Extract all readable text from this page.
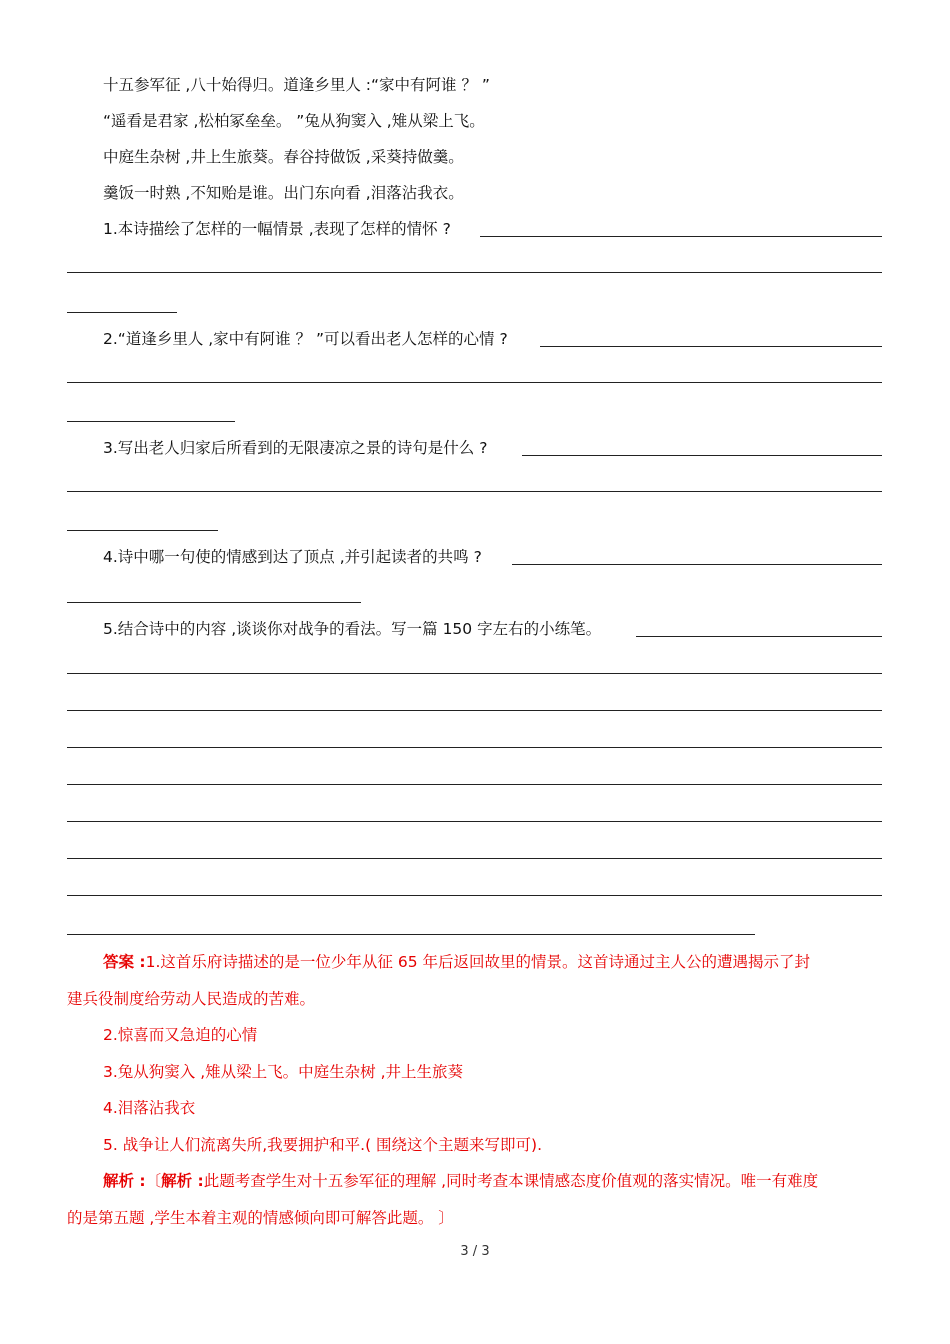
十五参军征 ,八十始得归。道逢乡里人 :“家中有阿谁 ？ ”
“遥看是君家 ,松柏冢垒垒。 ”兔从狗窦入 ,雉从梁上飞。
中庭生杂树 ,井上生旅葵。春谷持做饭 ,采葵持做羹。
羹饭一时熟 ,不知贻是谁。出门东向看 ,泪落沾我衣。
1.本诗描绘了怎样的一幅情景 ,表现了怎样的情怀 ?
2.“道逢乡里人 ,家中有阿谁 ？ ”可以看出老人怎样的心情 ?
3.写出老人归家后所看到的无限凄凉之景的诗句是什么 ?
4.诗中哪一句使的情感到达了顶点 ,并引起读者的共鸣 ?
5.结合诗中的内容 ,谈谈你对战争的看法。写一篇 150 字左右的小练笔。
答案 :1.这首乐府诗描述的是一位少年从征 65 年后返回故里的情景。这首诗通过主人公的遭遇揭示了封
建兵役制度给劳动人民造成的苦难。
2.惊喜而又急迫的心情
3.兔从狗窦入 ,雉从梁上飞。中庭生杂树 ,井上生旅葵
4.泪落沾我衣
5. 战争让人们流离失所,我要拥护和平.( 围绕这个主题来写即可).
解析 :〔解析 :此题考查学生对十五参军征的理解 ,同时考查本课情感态度价值观的落实情况。唯一有难度
的是第五题 ,学生本着主观的情感倾向即可解答此题。 〕
3 / 3
